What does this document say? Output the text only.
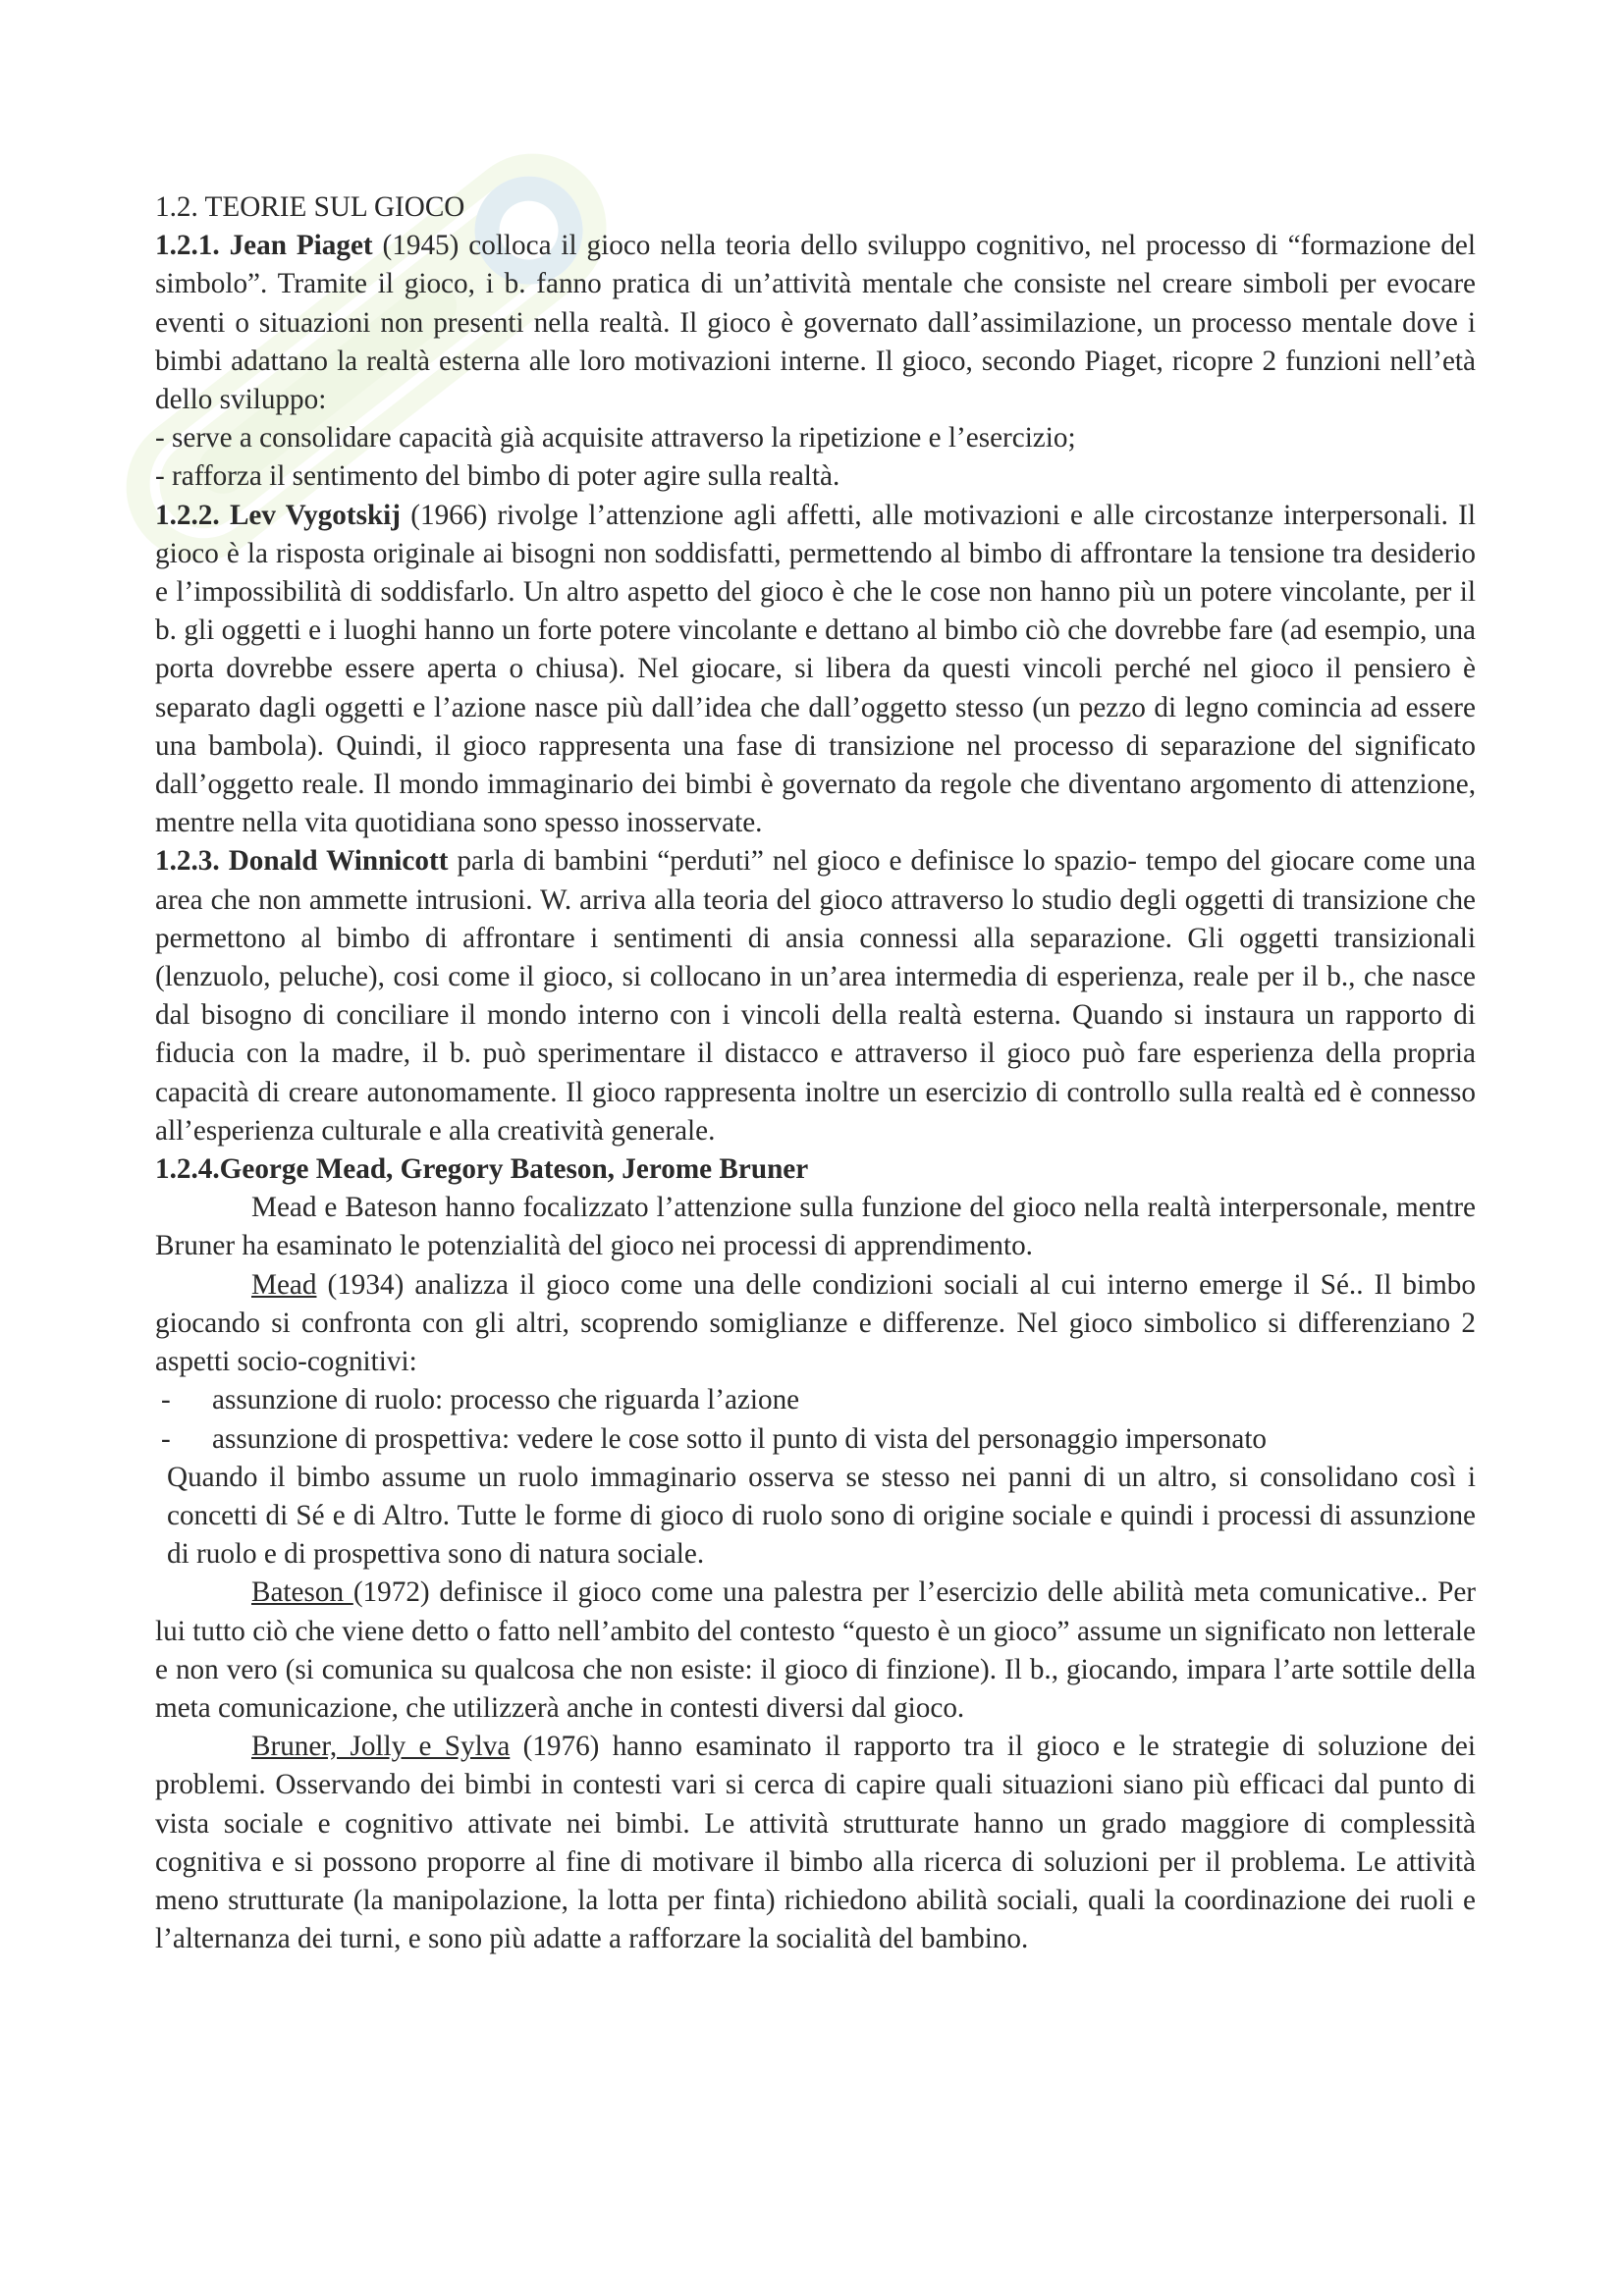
1.2. TEORIE SUL GIOCO

1.2.1. Jean Piaget (1945) colloca il gioco nella teoria dello sviluppo cognitivo, nel processo di “formazione del simbolo”. Tramite il gioco, i b. fanno pratica di un’attività mentale che consiste nel creare simboli per evocare eventi o situazioni non presenti nella realtà. Il gioco è governato dall’assimilazione, un processo mentale dove i bimbi adattano la realtà esterna alle loro motivazioni interne. Il gioco, secondo Piaget, ricopre 2 funzioni nell’età dello sviluppo:

- serve a consolidare capacità già acquisite attraverso la ripetizione e l’esercizio;

- rafforza il sentimento del bimbo di poter agire sulla realtà.

1.2.2. Lev Vygotskij (1966) rivolge l’attenzione agli affetti, alle motivazioni e alle circostanze interpersonali. Il gioco è la risposta originale ai bisogni non soddisfatti, permettendo al bimbo di affrontare la tensione tra desiderio e l’impossibilità di soddisfarlo. Un altro aspetto del gioco è che le cose non hanno più un potere vincolante, per il b. gli oggetti e i luoghi hanno un forte potere vincolante e dettano al bimbo ciò che dovrebbe fare (ad esempio, una porta dovrebbe essere aperta o chiusa). Nel giocare, si libera da questi vincoli perché nel gioco il pensiero è separato dagli oggetti e l’azione nasce più dall’idea che dall’oggetto stesso (un pezzo di legno comincia ad essere una bambola). Quindi, il gioco rappresenta una fase di transizione nel processo di separazione del significato dall’oggetto reale. Il mondo immaginario dei bimbi è governato da regole che diventano argomento di attenzione, mentre nella vita quotidiana sono spesso inosservate.

1.2.3. Donald Winnicott parla di bambini “perduti” nel gioco e definisce lo spazio- tempo del giocare come una area che non ammette intrusioni. W. arriva alla teoria del gioco attraverso lo studio degli oggetti di transizione che permettono al bimbo di affrontare i sentimenti di ansia connessi alla separazione. Gli oggetti transizionali (lenzuolo, peluche), cosi come il gioco, si collocano in un’area intermedia di esperienza, reale per il b., che nasce dal bisogno di conciliare il mondo interno con i vincoli della realtà esterna. Quando si instaura un rapporto di fiducia con la madre, il b. può sperimentare il distacco e attraverso il gioco può fare esperienza della propria capacità di creare autonomamente. Il gioco rappresenta inoltre un esercizio di controllo sulla realtà ed è connesso all’esperienza culturale e alla creatività generale.

1.2.4.George Mead, Gregory Bateson, Jerome Bruner

Mead e Bateson hanno focalizzato l’attenzione sulla funzione del gioco nella realtà interpersonale, mentre Bruner ha esaminato le potenzialità del gioco nei processi di apprendimento.

Mead (1934) analizza il gioco come una delle condizioni sociali al cui interno emerge il Sé.. Il bimbo giocando si confronta con gli altri, scoprendo somiglianze e differenze. Nel gioco simbolico si differenziano 2 aspetti socio-cognitivi:

- assunzione di ruolo: processo che riguarda l’azione

- assunzione di prospettiva: vedere le cose sotto il punto di vista del personaggio impersonato

Quando il bimbo assume un ruolo immaginario osserva se stesso nei panni di un altro, si consolidano così i concetti di Sé e di Altro. Tutte le forme di gioco di ruolo sono di origine sociale e quindi i processi di assunzione di ruolo e di prospettiva sono di natura sociale.

Bateson (1972) definisce il gioco come una palestra per l’esercizio delle abilità meta comunicative.. Per lui tutto ciò che viene detto o fatto nell’ambito del contesto “questo è un gioco” assume un significato non letterale e non vero (si comunica su qualcosa che non esiste: il gioco di finzione). Il b., giocando, impara l’arte sottile della meta comunicazione, che utilizzerà anche in contesti diversi dal gioco.

Bruner, Jolly e Sylva (1976) hanno esaminato il rapporto tra il gioco e le strategie di soluzione dei problemi. Osservando dei bimbi in contesti vari si cerca di capire quali situazioni siano più efficaci dal punto di vista sociale e cognitivo attivate nei bimbi. Le attività strutturate hanno un grado maggiore di complessità cognitiva e si possono proporre al fine di motivare il bimbo alla ricerca di soluzioni per il problema. Le attività meno strutturate (la manipolazione, la lotta per finta) richiedono abilità sociali, quali la coordinazione dei ruoli e l’alternanza dei turni, e sono più adatte a rafforzare la socialità del bambino.
